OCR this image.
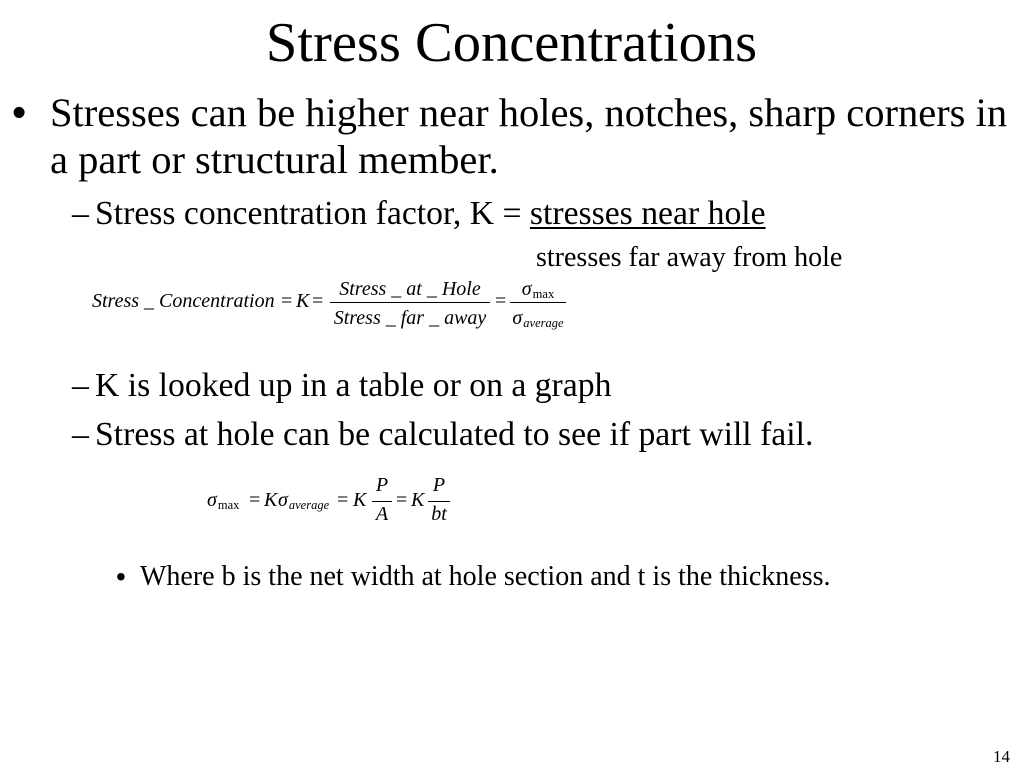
Stress Concentrations
• Stresses can be higher near holes, notches, sharp corners in
a part or structural member.
– Stress concentration factor, K = stresses near hole
stresses far away from hole
Stress _ Concentration = K =
Stress _ at _ Hole
Stress _ far _ away
=
$\sigma_{max}$
$\sigma_{average}$
– K is looked up in a table or on a graph
– Stress at hole can be calculated to see if part will fail.
$\sigma_{max} = K$ $\sigma_{average} = K$
P
A
= K
P
bt
• Where b is the net width at hole section and t is the thickness.
14
